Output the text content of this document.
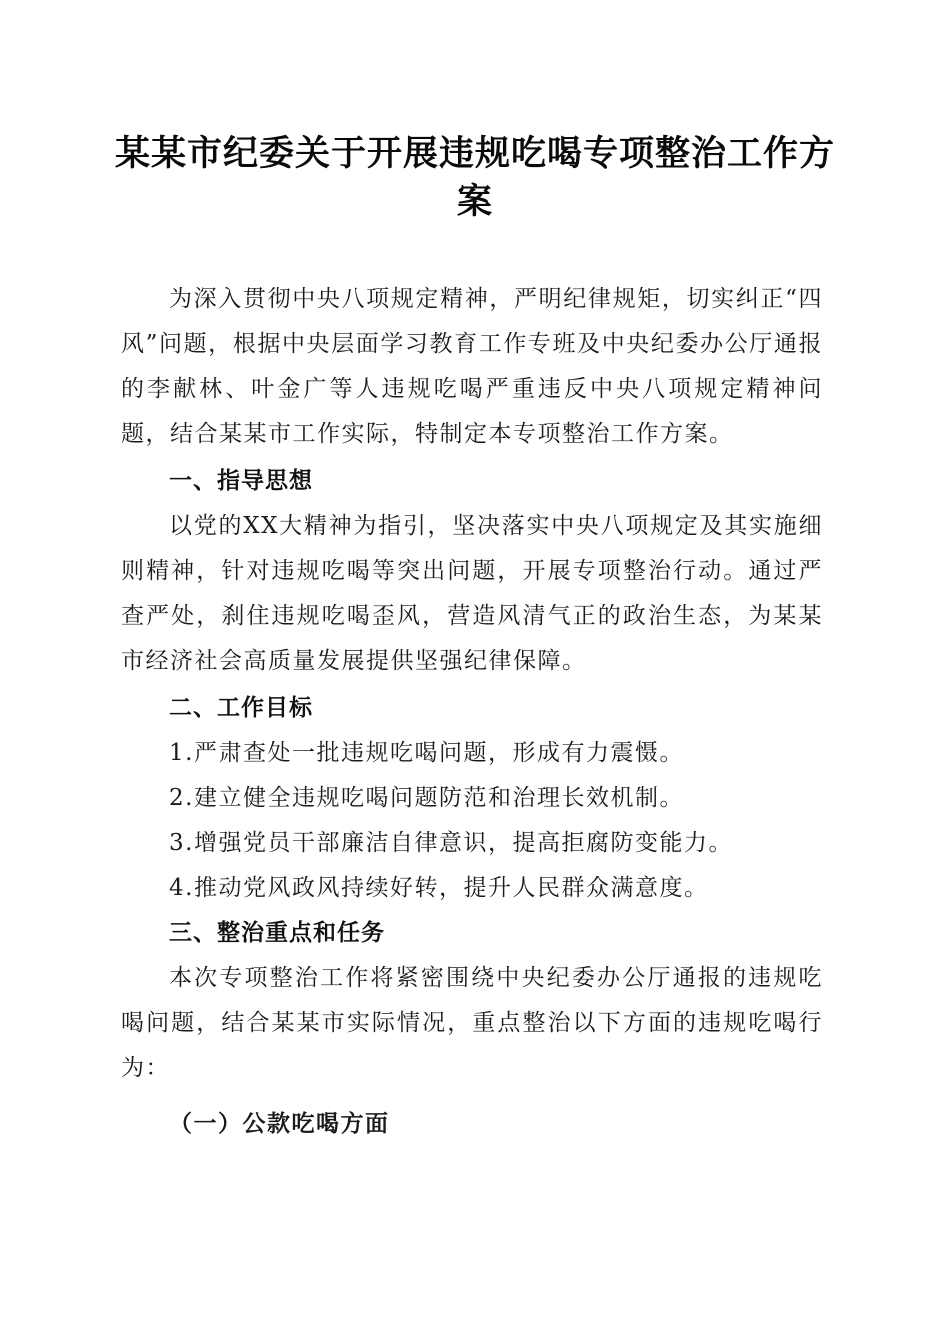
某某市纪委关于开展违规吃喝专项整治工作方案

为深入贯彻中央八项规定精神，严明纪律规矩，切实纠正“四风”问题，根据中央层面学习教育工作专班及中央纪委办公厅通报的李献林、叶金广等人违规吃喝严重违反中央八项规定精神问题，结合某某市工作实际，特制定本专项整治工作方案。

一、指导思想

以党的XX大精神为指引，坚决落实中央八项规定及其实施细则精神，针对违规吃喝等突出问题，开展专项整治行动。通过严查严处，刹住违规吃喝歪风，营造风清气正的政治生态，为某某市经济社会高质量发展提供坚强纪律保障。

二、工作目标

1.严肃查处一批违规吃喝问题，形成有力震慑。

2.建立健全违规吃喝问题防范和治理长效机制。

3.增强党员干部廉洁自律意识，提高拒腐防变能力。

4.推动党风政风持续好转，提升人民群众满意度。

三、整治重点和任务

本次专项整治工作将紧密围绕中央纪委办公厅通报的违规吃喝问题，结合某某市实际情况，重点整治以下方面的违规吃喝行为：

（一）公款吃喝方面
